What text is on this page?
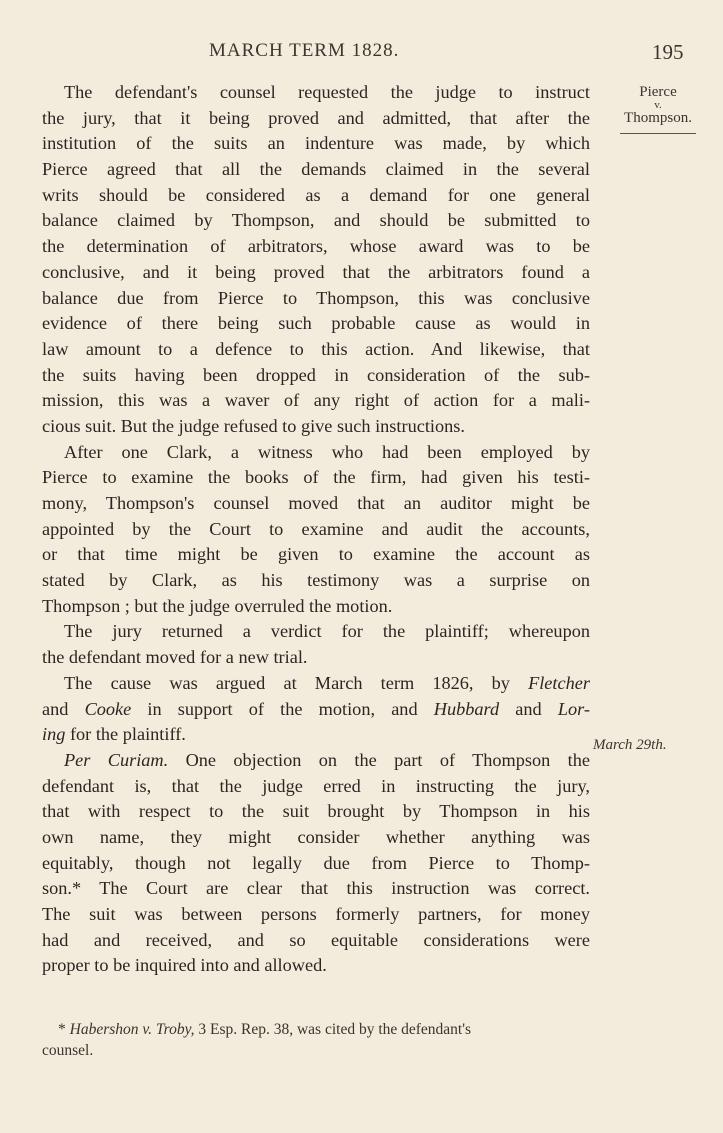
MARCH TERM 1828.	195
Pierce
v.
Thompson.
March 29th.
The defendant's counsel requested the judge to instruct
the jury, that it being proved and admitted, that after the
institution of the suits an indenture was made, by which
Pierce agreed that all the demands claimed in the several
writs should be considered as a demand for one general
balance claimed by Thompson, and should be submitted to
the determination of arbitrators, whose award was to be
conclusive, and it being proved that the arbitrators found a
balance due from Pierce to Thompson, this was conclusive
evidence of there being such probable cause as would in
law amount to a defence to this action. And likewise, that
the suits having been dropped in consideration of the sub-
mission, this was a waver of any right of action for a mali-
cious suit. But the judge refused to give such instructions.
After one Clark, a witness who had been employed by
Pierce to examine the books of the firm, had given his testi-
mony, Thompson's counsel moved that an auditor might be
appointed by the Court to examine and audit the accounts,
or that time might be given to examine the account as
stated by Clark, as his testimony was a surprise on
Thompson ; but the judge overruled the motion.
The jury returned a verdict for the plaintiff; whereupon
the defendant moved for a new trial.
The cause was argued at March term 1826, by Fletcher
and Cooke in support of the motion, and Hubbard and Lor-
ing for the plaintiff.
Per Curiam. One objection on the part of Thompson the
defendant is, that the judge erred in instructing the jury,
that with respect to the suit brought by Thompson in his
own name, they might consider whether anything was
equitably, though not legally due from Pierce to Thomp-
son.* The Court are clear that this instruction was correct.
The suit was between persons formerly partners, for money
had and received, and so equitable considerations were
proper to be inquired into and allowed.
* Habershon v. Troby, 3 Esp. Rep. 38, was cited by the defendant's
counsel.
